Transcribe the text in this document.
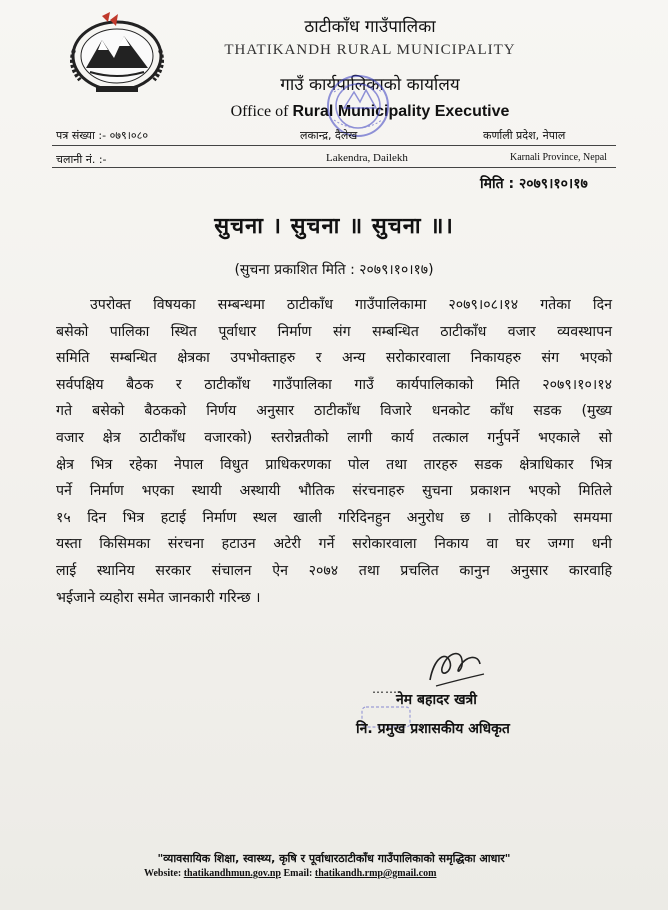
ठाटीकाँध गाउँपालिका
THATIKANDH RURAL MUNICIPALITY
गाउँ कार्यपालिकाको कार्यालय
Office of Rural Municipality Executive
पत्र संख्या :- ०७९।०८०	लकान्द्र, दैलेख	कर्णाली प्रदेश, नेपाल
चलानी नं. :-	Lakendra, Dailekh	Karnali Province, Nepal
मिति : २०७९।१०।१७
सुचना । सुचना ॥ सुचना ॥।
(सुचना प्रकाशित मिति : २०७९।१०।१७)
उपरोक्त विषयका सम्बन्धमा ठाटीकाँध गाउँपालिकामा २०७९।०८।१४ गतेका दिन
बसेको पालिका स्थित पूर्वाधार निर्माण संग सम्बन्धित ठाटीकाँध वजार व्यवस्थापन
समिति सम्बन्धित क्षेत्रका उपभोक्ताहरु र अन्य सरोकारवाला निकायहरु संग भएको
सर्वपक्षिय बैठक र ठाटीकाँध गाउँपालिका गाउँ कार्यपालिकाको मिति २०७९।१०।१४
गते बसेको बैठकको निर्णय अनुसार ठाटीकाँध विजारे धनकोट काँध सडक (मुख्य
वजार क्षेत्र ठाटीकाँध वजारको) स्तरोन्नतीको लागी कार्य तत्काल गर्नुपर्ने भएकाले सो
क्षेत्र भित्र रहेका नेपाल विधुत प्राधिकरणका पोल तथा तारहरु सडक क्षेत्राधिकार भित्र
पर्ने निर्माण भएका स्थायी अस्थायी भौतिक संरचनाहरु सुचना प्रकाशन भएको मितिले
१५ दिन भित्र हटाई निर्माण स्थल खाली गरिदिनहुन अनुरोध छ । तोकिएको समयमा
यस्ता किसिमका संरचना हटाउन अटेरी गर्ने सरोकारवाला निकाय वा घर जग्गा धनी
लाई स्थानिय सरकार संचालन ऐन २०७४ तथा प्रचलित कानुन अनुसार कारवाहि
भईजाने व्यहोरा समेत जानकारी गरिन्छ ।
……
नेम बहादर खत्री
नि. प्रमुख प्रशासकीय अधिकृत
"व्यावसायिक शिक्षा, स्वास्थ्य, कृषि र पूर्वाधारठाटीकाँध गाउँपालिकाको समृद्धिका आधार"
Website: thatikandhmun.gov.np Email: thatikandh.rmp@gmail.com
